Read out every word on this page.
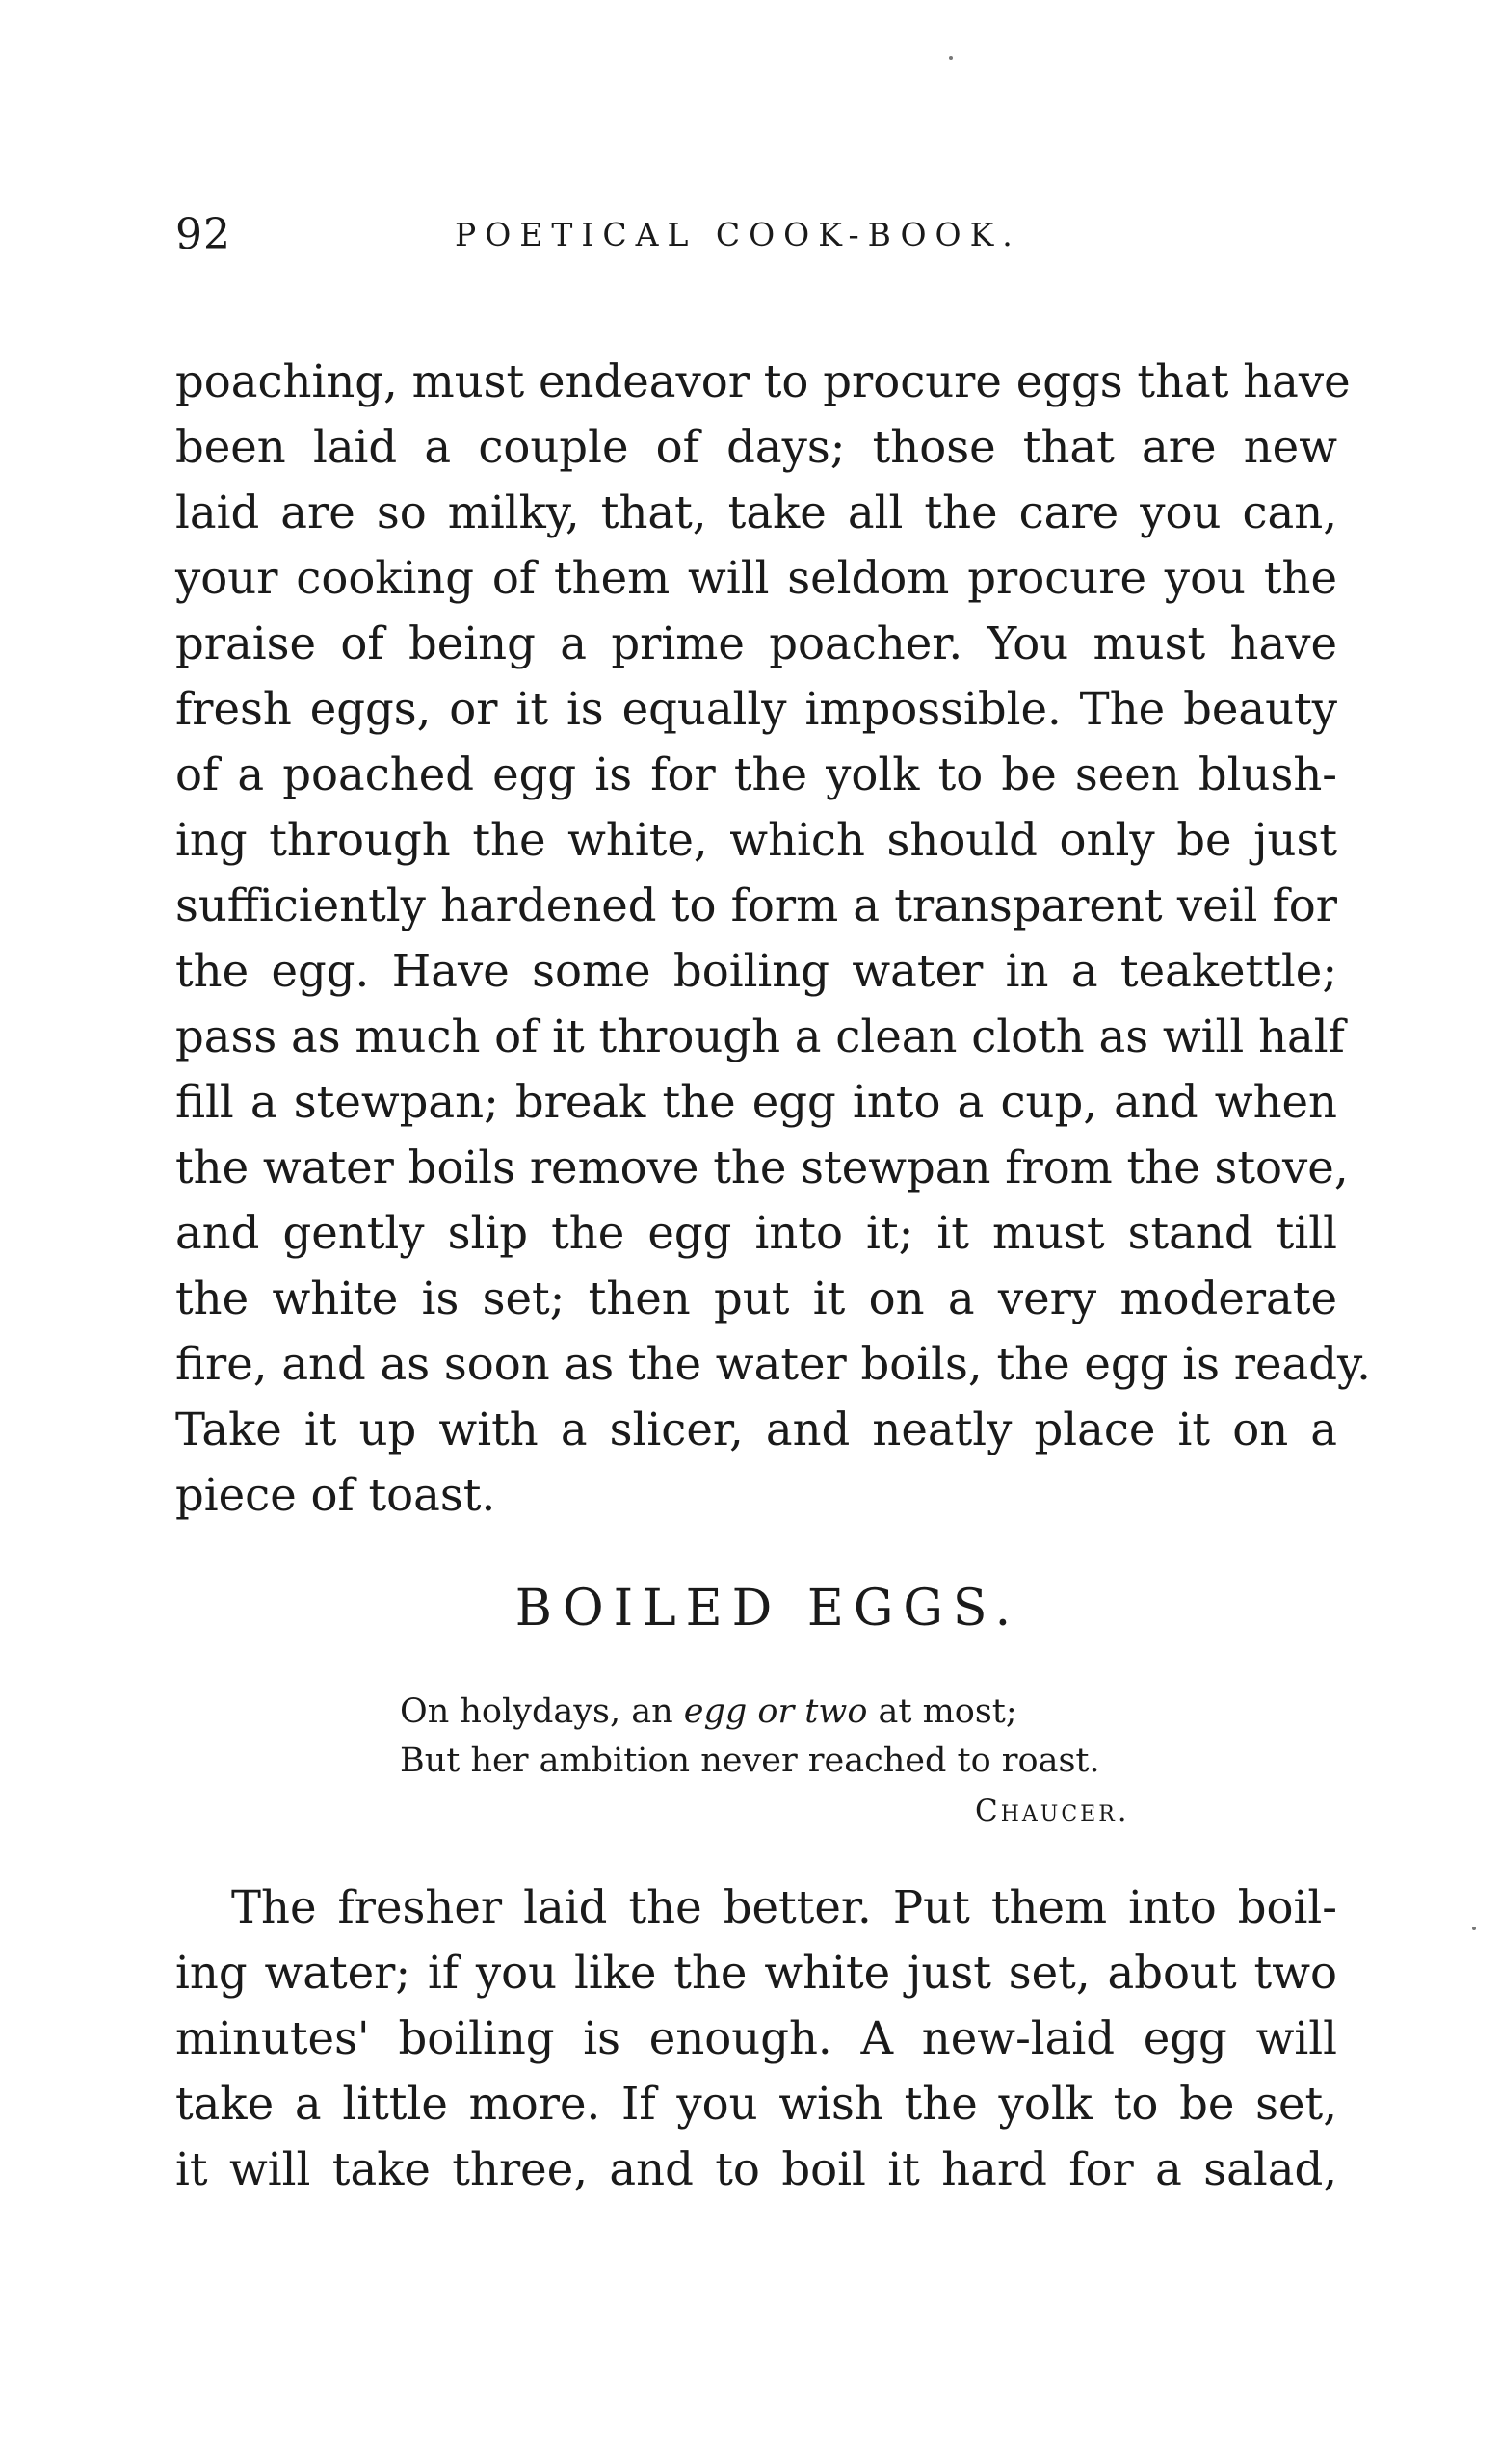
92	POETICAL COOK-BOOK.
poaching, must endeavor to procure eggs that have
been laid a couple of days; those that are new
laid are so milky, that, take all the care you can,
your cooking of them will seldom procure you the
praise of being a prime poacher. You must have
fresh eggs, or it is equally impossible. The beauty
of a poached egg is for the yolk to be seen blush-
ing through the white, which should only be just
sufficiently hardened to form a transparent veil for
the egg. Have some boiling water in a teakettle;
pass as much of it through a clean cloth as will half
fill a stewpan; break the egg into a cup, and when
the water boils remove the stewpan from the stove,
and gently slip the egg into it; it must stand till
the white is set; then put it on a very moderate
fire, and as soon as the water boils, the egg is ready.
Take it up with a slicer, and neatly place it on a
piece of toast.
BOILED EGGS.
On holydays, an egg or two at most;
But her ambition never reached to roast.
Chaucer.
The fresher laid the better. Put them into boil-
ing water; if you like the white just set, about two
minutes' boiling is enough. A new-laid egg will
take a little more. If you wish the yolk to be set,
it will take three, and to boil it hard for a salad,
